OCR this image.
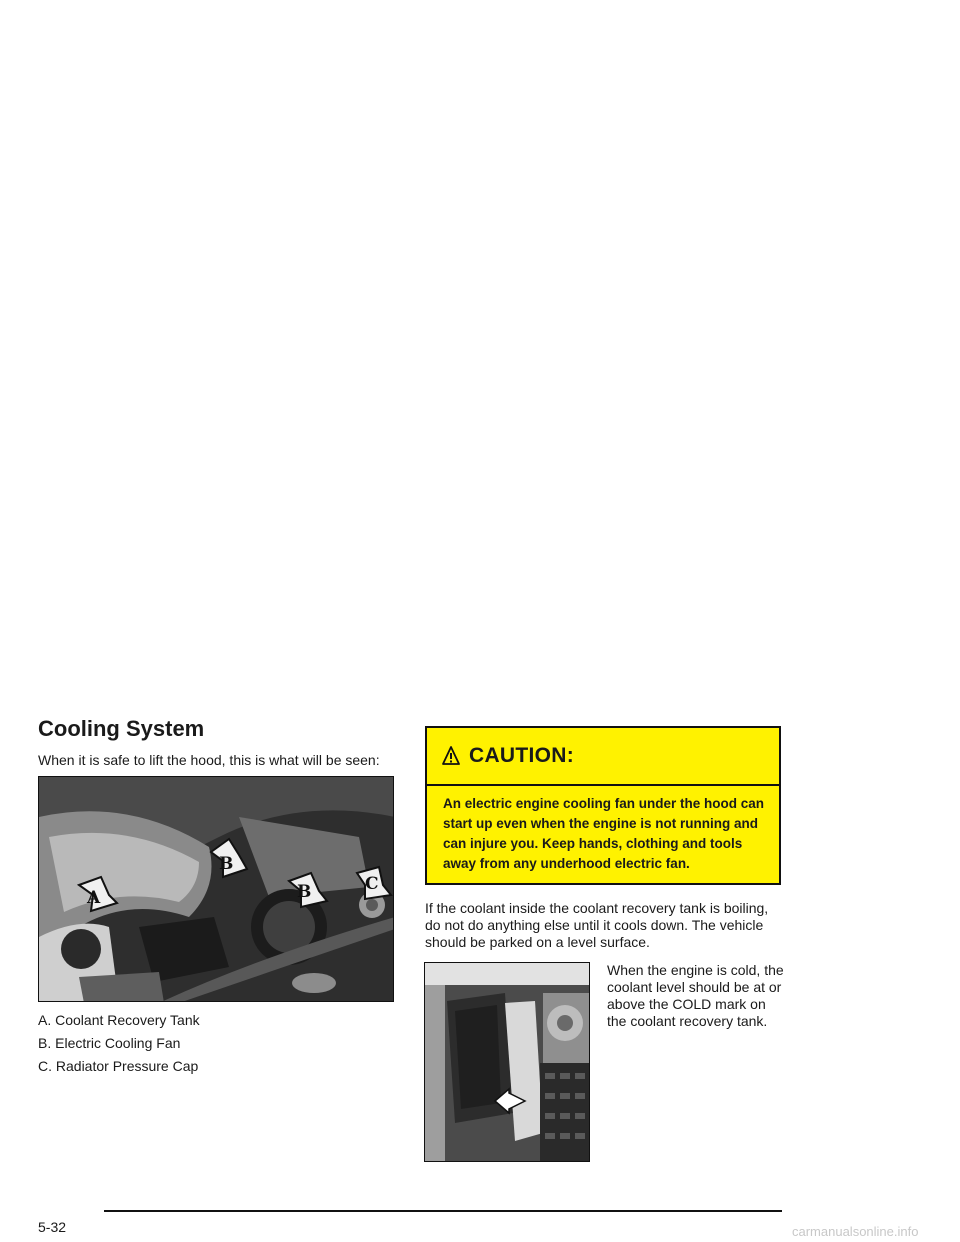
Cooling System

When it is safe to lift the hood, this is what will be seen:

A
B
B	C
A. Coolant Recovery Tank
B. Electric Cooling Fan
C. Radiator Pressure Cap
CAUTION:
An electric engine cooling fan under the hood can start up even when the engine is not running and can injure you. Keep hands, clothing and tools away from any underhood electric fan.

If the coolant inside the coolant recovery tank is boiling, do not do anything else until it cools down. The vehicle should be parked on a level surface.

When the engine is cold, the coolant level should be at or above the COLD mark on the coolant recovery tank.

5-32	carmanualsonline.info
